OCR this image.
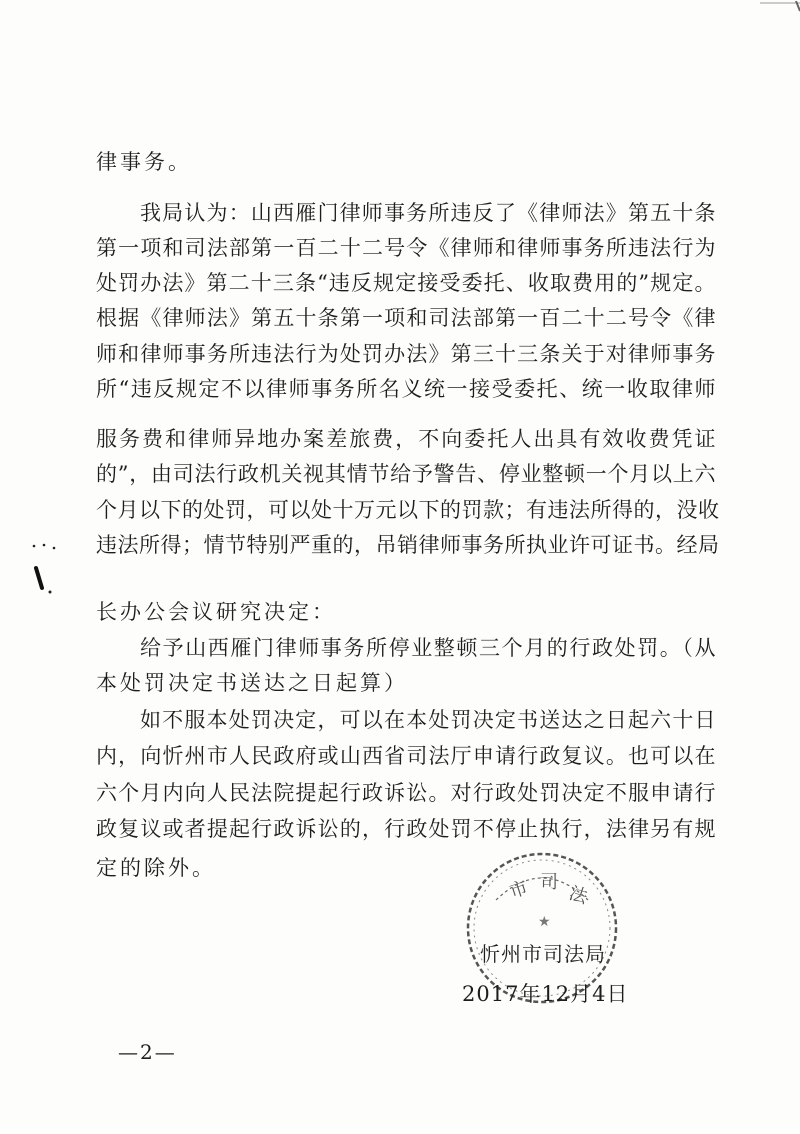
律事务。
我局认为：山西雁门律师事务所违反了《律师法》第五十条
第一项和司法部第一百二十二号令《律师和律师事务所违法行为
处罚办法》第二十三条“违反规定接受委托、收取费用的”规定。
根据《律师法》第五十条第一项和司法部第一百二十二号令《律
师和律师事务所违法行为处罚办法》第三十三条关于对律师事务
所“违反规定不以律师事务所名义统一接受委托、统一收取律师
服务费和律师异地办案差旅费，不向委托人出具有效收费凭证
的”，由司法行政机关视其情节给予警告、停业整顿一个月以上六
个月以下的处罚，可以处十万元以下的罚款；有违法所得的，没收
违法所得；情节特别严重的，吊销律师事务所执业许可证书。经局
长办公会议研究决定：
给予山西雁门律师事务所停业整顿三个月的行政处罚。（从
本处罚决定书送达之日起算）
如不服本处罚决定，可以在本处罚决定书送达之日起六十日
内，向忻州市人民政府或山西省司法厅申请行政复议。也可以在
六个月内向人民法院提起行政诉讼。对行政处罚决定不服申请行
政复议或者提起行政诉讼的，行政处罚不停止执行，法律另有规
定的除外。
市 司
法
★
忻州市司法局
2017年12月4日
—2—
